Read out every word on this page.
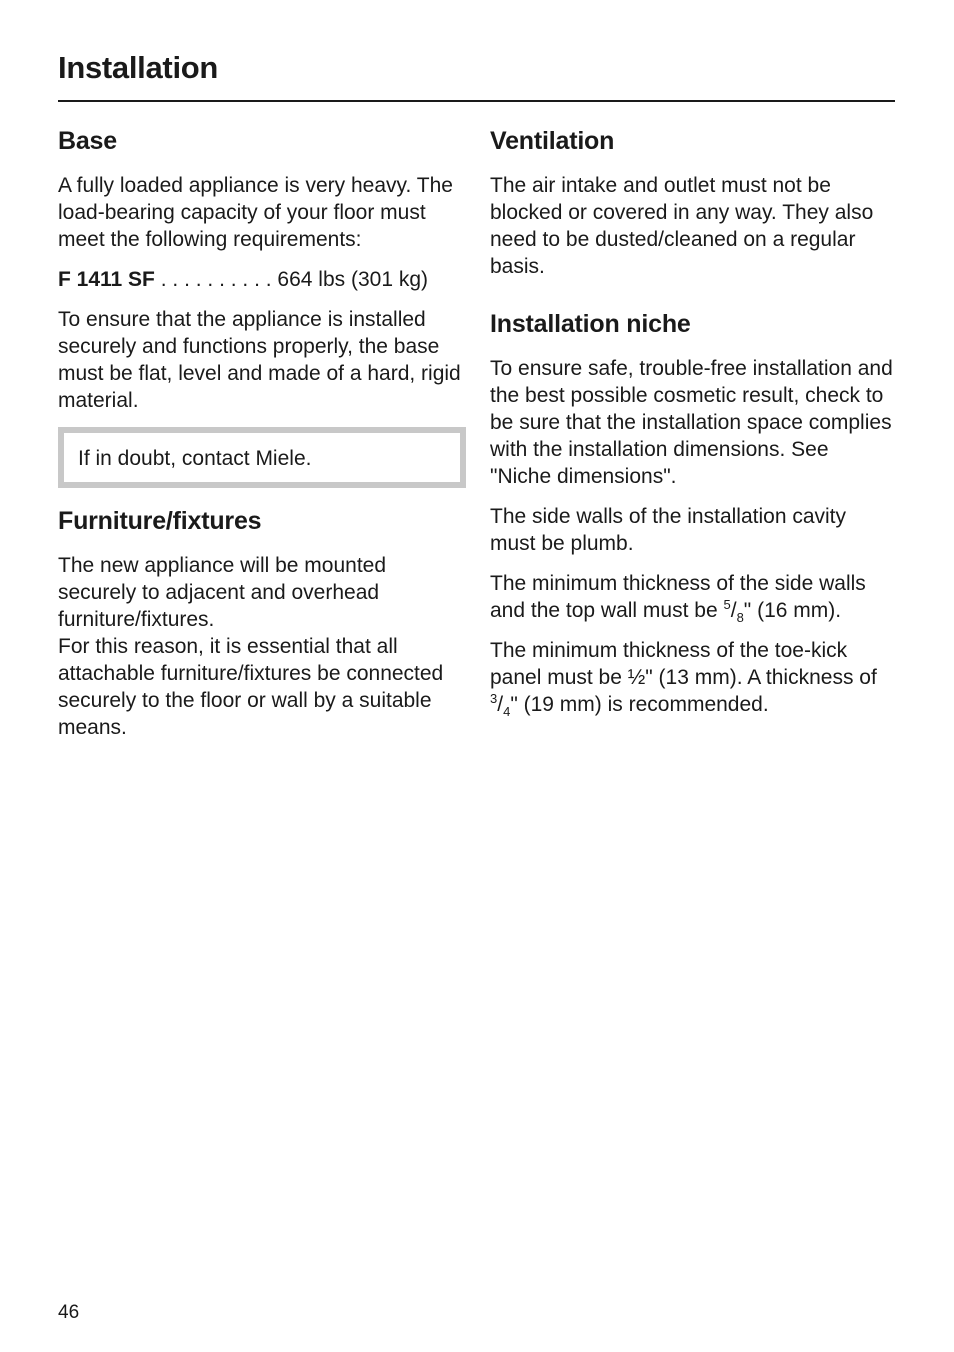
Installation
Base

A fully loaded appliance is very heavy. The load-bearing capacity of your floor must meet the following requirements:

F 1411 SF . . . . . . . . . . 664 lbs (301 kg)

To ensure that the appliance is installed securely and functions properly, the base must be flat, level and made of a hard, rigid material.

If in doubt, contact Miele.
Furniture/fixtures

The new appliance will be mounted securely to adjacent and overhead furniture/fixtures.

For this reason, it is essential that all attachable furniture/fixtures be connected securely to the floor or wall by a suitable means.

Ventilation

The air intake and outlet must not be blocked or covered in any way. They also need to be dusted/cleaned on a regular basis.

Installation niche

To ensure safe, trouble-free installation and the best possible cosmetic result, check to be sure that the installation space complies with the installation dimensions. See "Niche dimensions".

The side walls of the installation cavity must be plumb.

The minimum thickness of the side walls and the top wall must be $^5/_8$" (16 mm).

The minimum thickness of the toe-kick panel must be ½" (13 mm). A thickness of $^3/_4$" (19 mm) is recommended.

46
